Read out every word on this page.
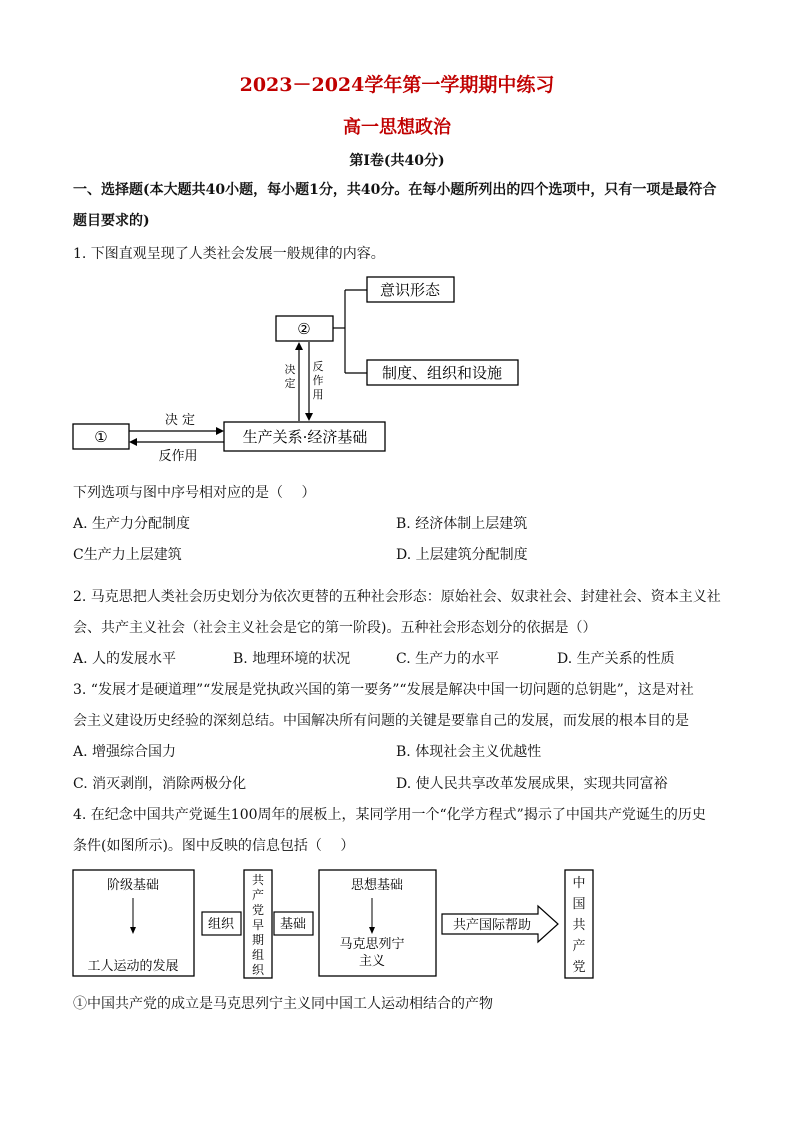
2023－2024学年第一学期期中练习
高一思想政治
第Ⅰ卷(共40分)
一、选择题(本大题共40小题，每小题1分，共40分。在每小题所列出的四个选项中，只有一项是最符合
题目要求的)
1. 下图直观呈现了人类社会发展一般规律的内容。
意识形态
②
制度、组织和设施
决
定
反
作
用
①	生产关系·经济基础
决 定
反作用
下列选项与图中序号相对应的是（　 ）
A. 生产力分配制度	B. 经济体制上层建筑
C生产力上层建筑	D. 上层建筑分配制度
2. 马克思把人类社会历史划分为依次更替的五种社会形态：原始社会、奴隶社会、封建社会、资本主义社
会、共产主义社会（社会主义社会是它的第一阶段)。五种社会形态划分的依据是（）
A. 人的发展水平	B. 地理环境的状况	C. 生产力的水平	D. 生产关系的性质
3. “发展才是硬道理”“发展是党执政兴国的第一要务”“发展是解决中国一切问题的总钥匙”，这是对社
会主义建设历史经验的深刻总结。中国解决所有问题的关键是要靠自己的发展，而发展的根本目的是
A. 增强综合国力	B. 体现社会主义优越性
C. 消灭剥削，消除两极分化	D. 使人民共享改革发展成果，实现共同富裕
4. 在纪念中国共产党诞生100周年的展板上，某同学用一个“化学方程式”揭示了中国共产党诞生的历史
条件(如图所示)。图中反映的信息包括（　 ）
阶级基础
工人运动的发展
组织
共
产
党
早
期
组
织
基础
思想基础
马克思列宁
主义
共产国际帮助
中
国
共
产
党
①中国共产党的成立是马克思列宁主义同中国工人运动相结合的产物
